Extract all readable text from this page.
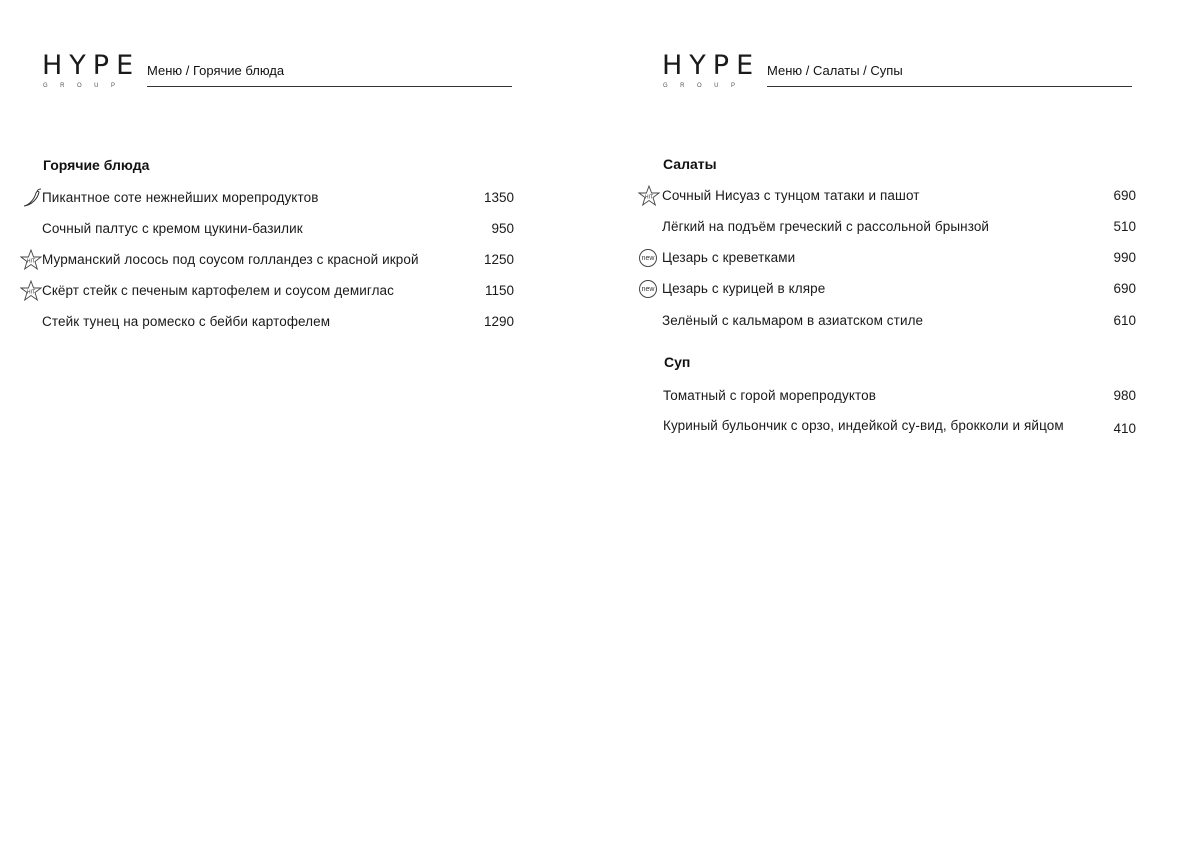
HYPE
GROUP
Меню / Горячие блюда
Горячие блюда
Пикантное соте нежнейших морепродуктов	1350
Сочный палтус с кремом цукини-базилик	950
HIT Мурманский лосось под соусом голландез с красной икрой	1250
HIT Скёрт стейк с печеным картофелем и соусом демиглас	1150
Стейк тунец на ромеско с бейби картофелем	1290
HYPE
GROUP
Меню / Салаты / Супы
Салаты
HIT Сочный Нисуаз с тунцом татаки и пашот	690
Лёгкий на подъём греческий с рассольной брынзой	510
new Цезарь с креветками	990
new Цезарь с курицей в кляре	690
Зелёный с кальмаром в азиатском стиле	610
Суп
Томатный с горой морепродуктов	980
Куриный бульончик с орзо, индейкой су-вид, брокколи и яйцом	410
